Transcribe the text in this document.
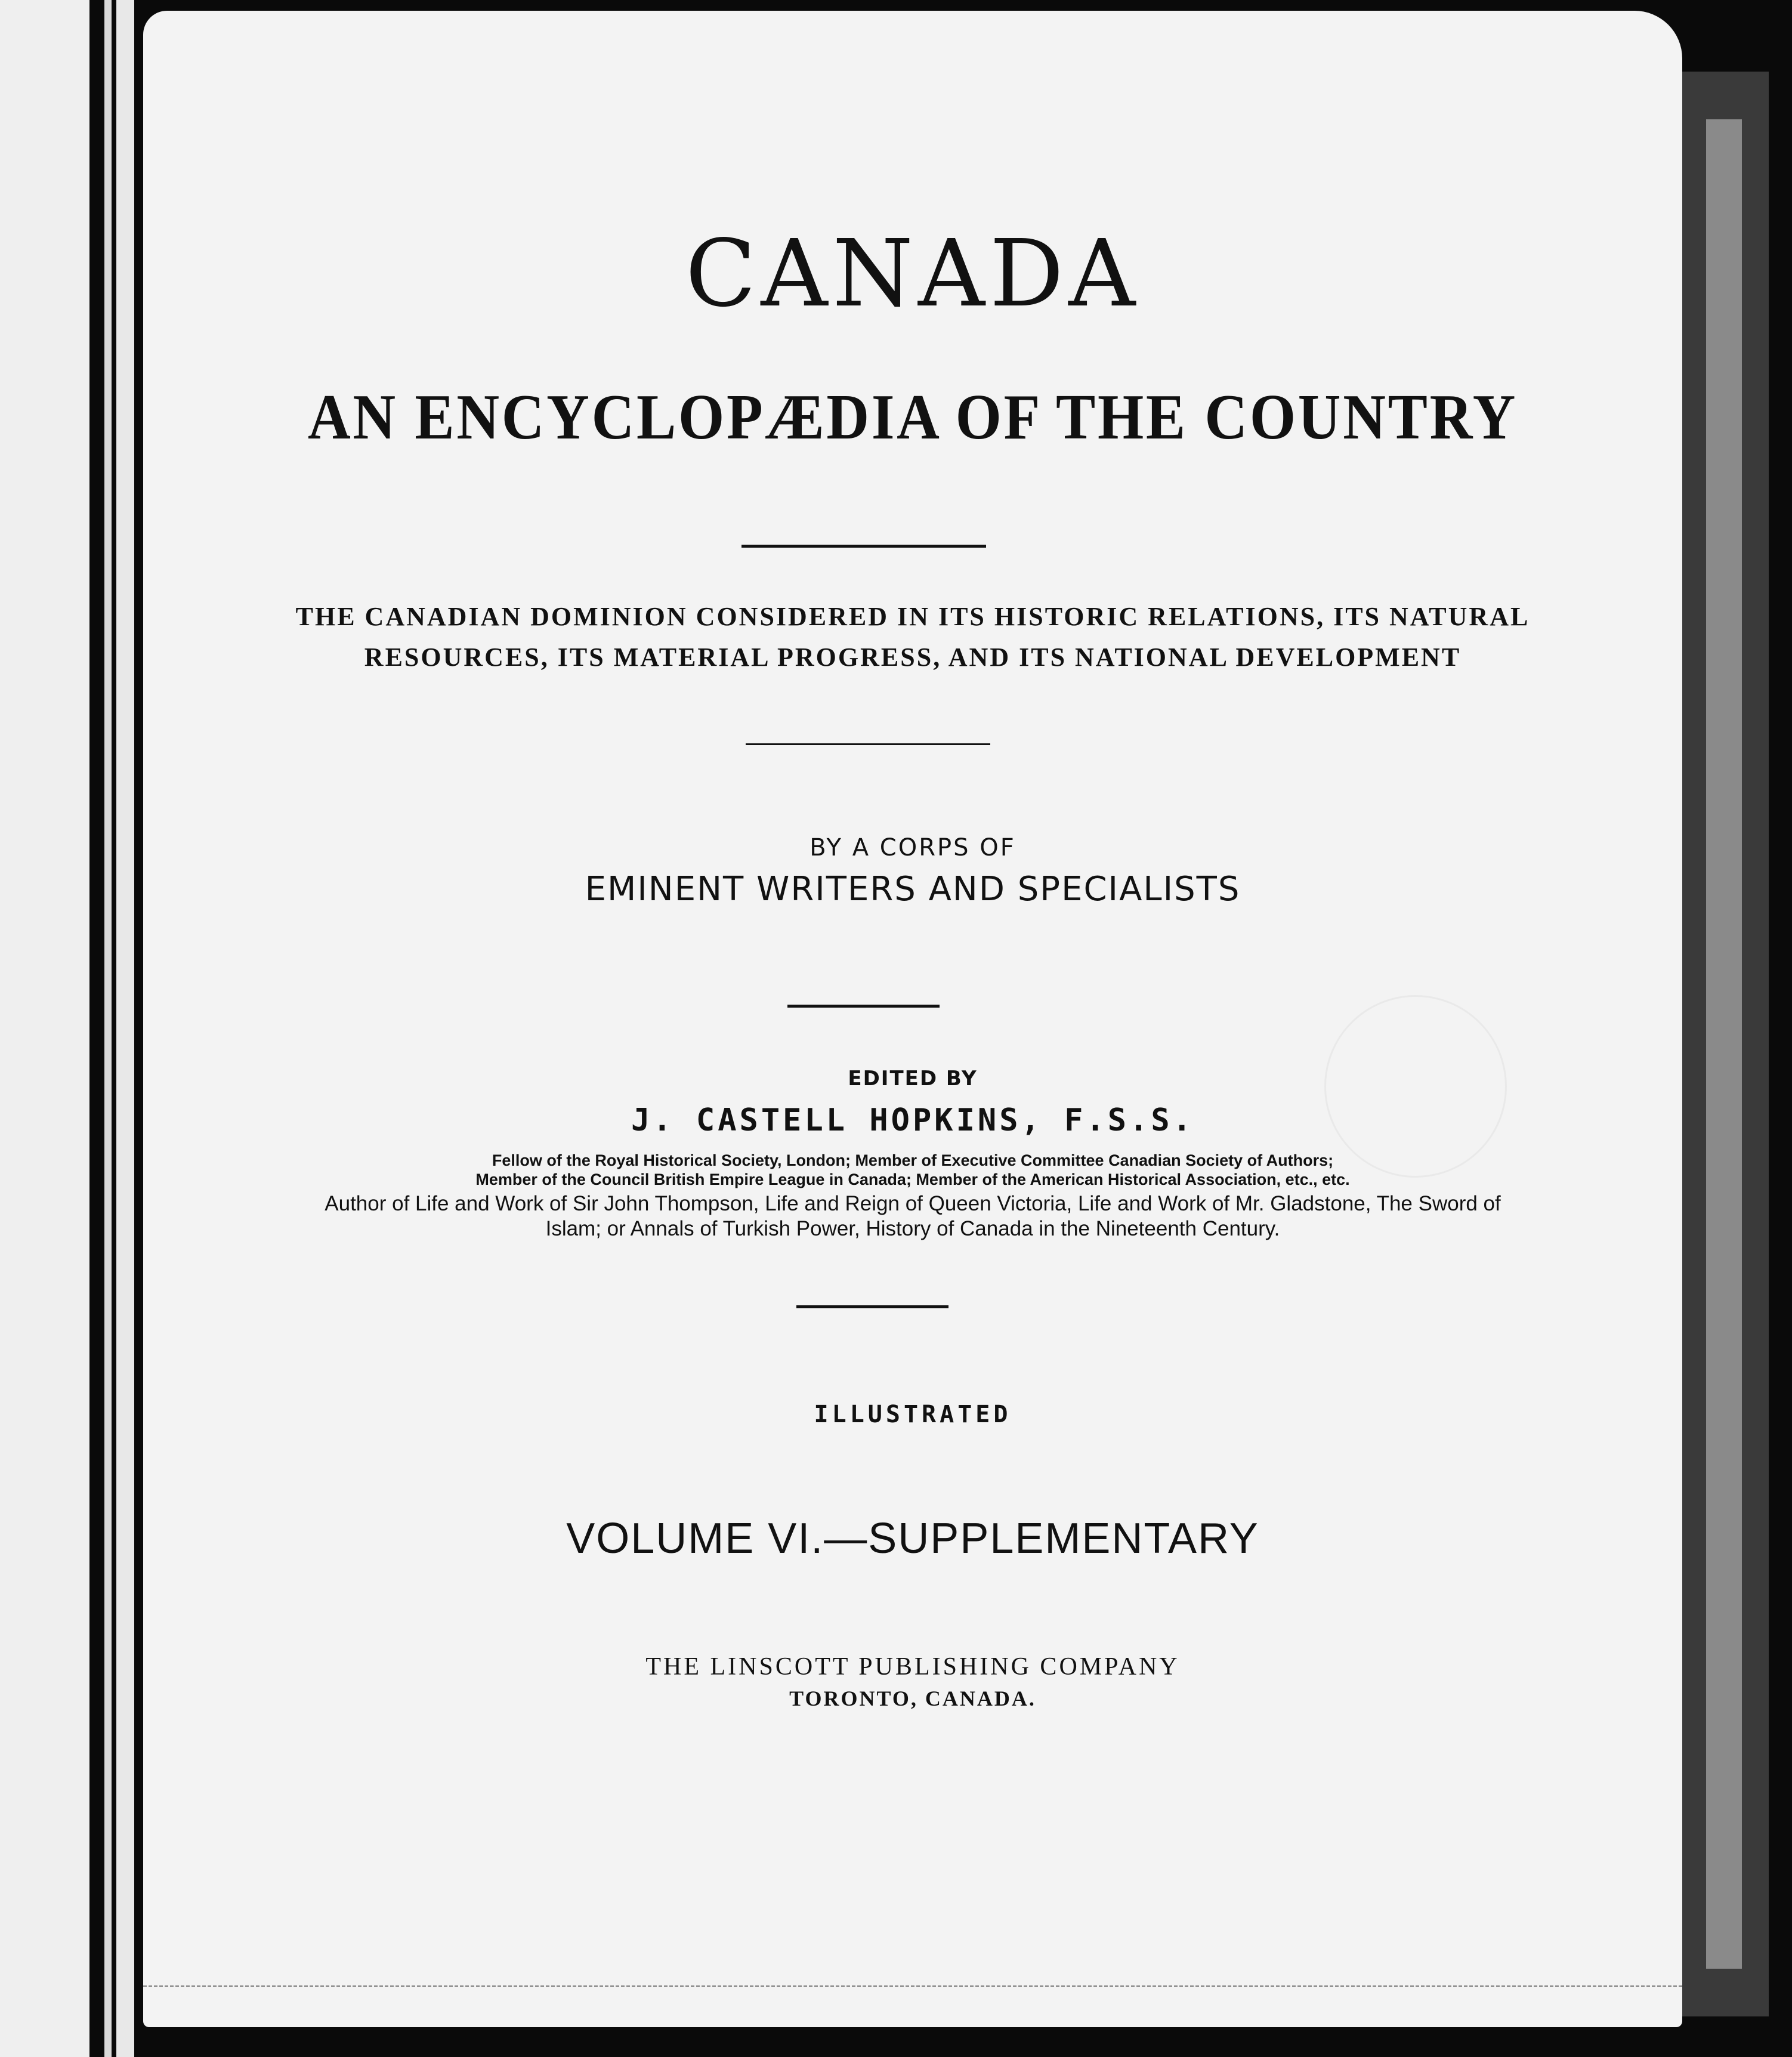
CANADA
AN ENCYCLOPÆDIA OF THE COUNTRY

THE CANADIAN DOMINION CONSIDERED IN ITS HISTORIC RELATIONS, ITS NATURAL

RESOURCES, ITS MATERIAL PROGRESS, AND ITS NATIONAL DEVELOPMENT

BY A CORPS OF

EMINENT WRITERS AND SPECIALISTS

EDITED BY

J. CASTELL HOPKINS, F.S.S.

Fellow of the Royal Historical Society, London; Member of Executive Committee Canadian Society of Authors;

Member of the Council British Empire League in Canada; Member of the American Historical Association, etc., etc.

Author of Life and Work of Sir John Thompson, Life and Reign of Queen Victoria, Life and Work of Mr. Gladstone, The Sword of

Islam; or Annals of Turkish Power, History of Canada in the Nineteenth Century.

ILLUSTRATED

VOLUME VI.—SUPPLEMENTARY

THE LINSCOTT PUBLISHING COMPANY

TORONTO, CANADA.
